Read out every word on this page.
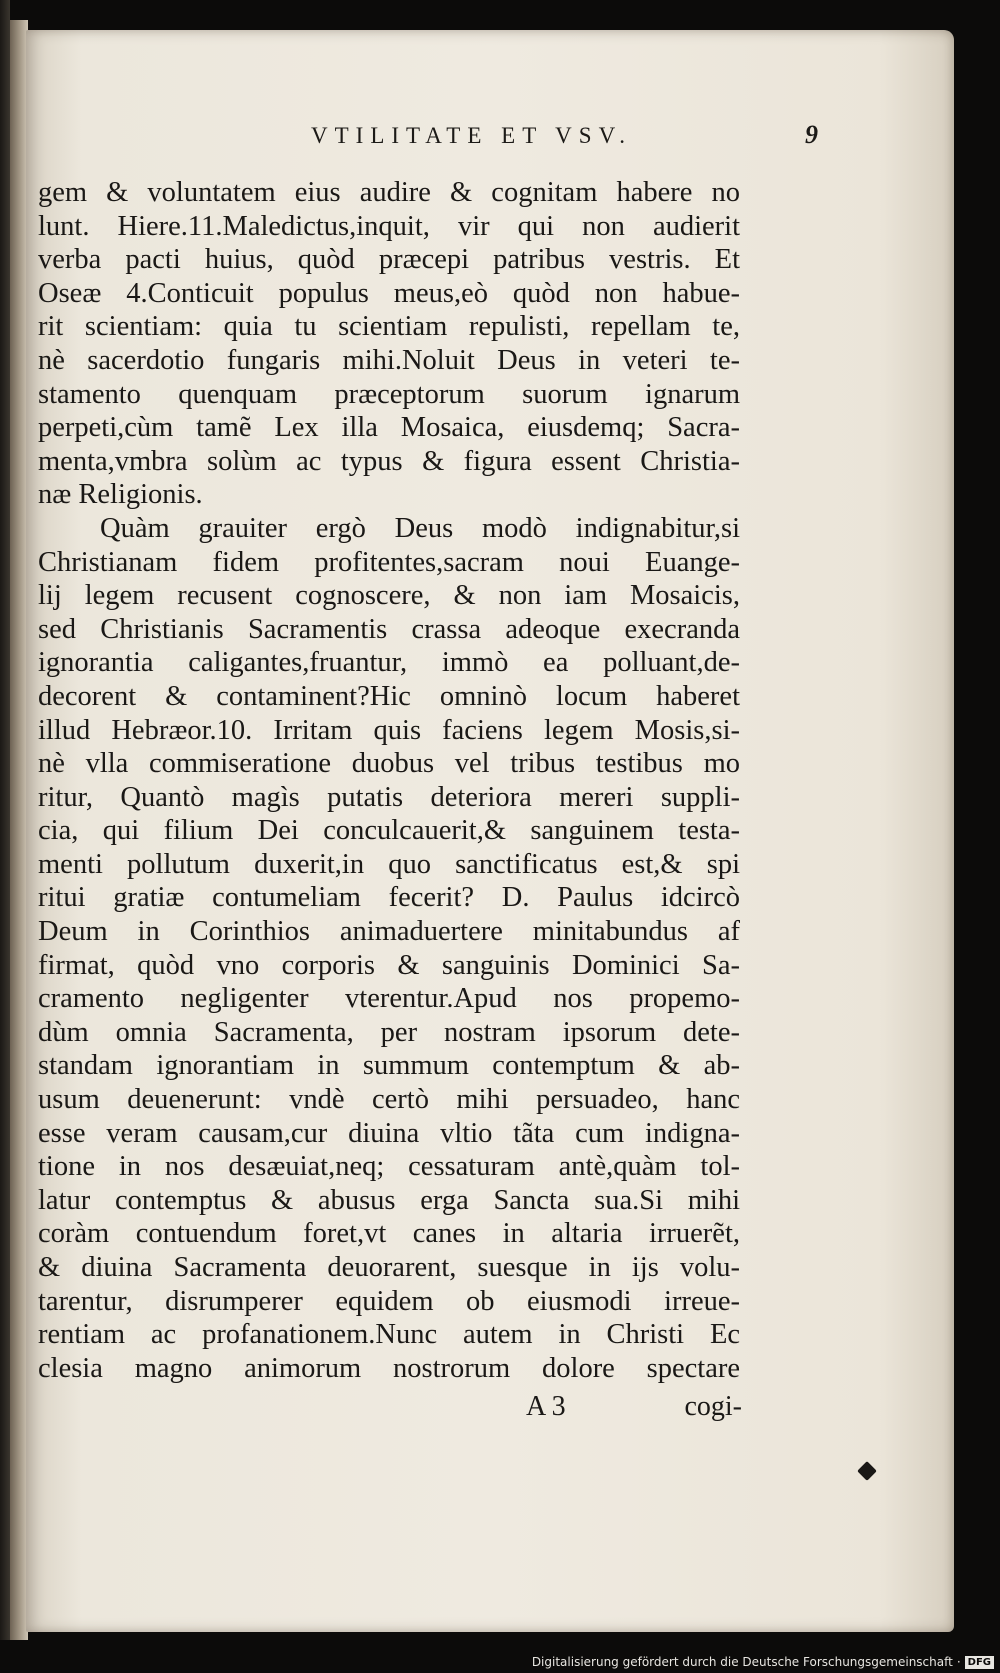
VTILITATE ET VSV.	9
gem & voluntatem eius audire & cognitam habere no
lunt. Hiere.11.Maledictus,inquit, vir qui non audierit
verba pacti huius, quòd præcepi patribus vestris. Et
Oseæ 4.Conticuit populus meus,eò quòd non habue-
rit scientiam: quia tu scientiam repulisti, repellam te,
nè sacerdotio fungaris mihi.Noluit Deus in veteri te-
stamento quenquam præceptorum suorum ignarum
perpeti,cùm tamẽ Lex illa Mosaica, eiusdemq; Sacra-
menta,vmbra solùm ac typus & figura essent Christia-
næ Religionis.
Quàm grauiter ergò Deus modò indignabitur,si
Christianam fidem profitentes,sacram noui Euange-
lij legem recusent cognoscere, & non iam Mosaicis,
sed Christianis Sacramentis crassa adeoque execranda
ignorantia caligantes,fruantur, immò ea polluant,de-
decorent & contaminent?Hic omninò locum haberet
illud Hebræor.10. Irritam quis faciens legem Mosis,si-
nè vlla commiseratione duobus vel tribus testibus mo
ritur, Quantò magìs putatis deteriora mereri suppli-
cia, qui filium Dei conculcauerit,& sanguinem testa-
menti pollutum duxerit,in quo sanctificatus est,& spi
ritui gratiæ contumeliam fecerit? D. Paulus idcircò
Deum in Corinthios animaduertere minitabundus af
firmat, quòd vno corporis & sanguinis Dominici Sa-
cramento negligenter vterentur.Apud nos propemo-
dùm omnia Sacramenta, per nostram ipsorum dete-
standam ignorantiam in summum contemptum & ab-
usum deuenerunt: vndè certò mihi persuadeo, hanc
esse veram causam,cur diuina vltio tãta cum indigna-
tione in nos desæuiat,neq; cessaturam antè,quàm tol-
latur contemptus & abusus erga Sancta sua.Si mihi
coràm contuendum foret,vt canes in altaria irruerẽt,
& diuina Sacramenta deuorarent, suesque in ijs volu-
tarentur, disrumperer equidem ob eiusmodi irreue-
rentiam ac profanationem.Nunc autem in Christi Ec
clesia magno animorum nostrorum dolore spectare
A 3	cogi-
Digitalisierung gefördert durch die Deutsche Forschungsgemeinschaft · DFG
